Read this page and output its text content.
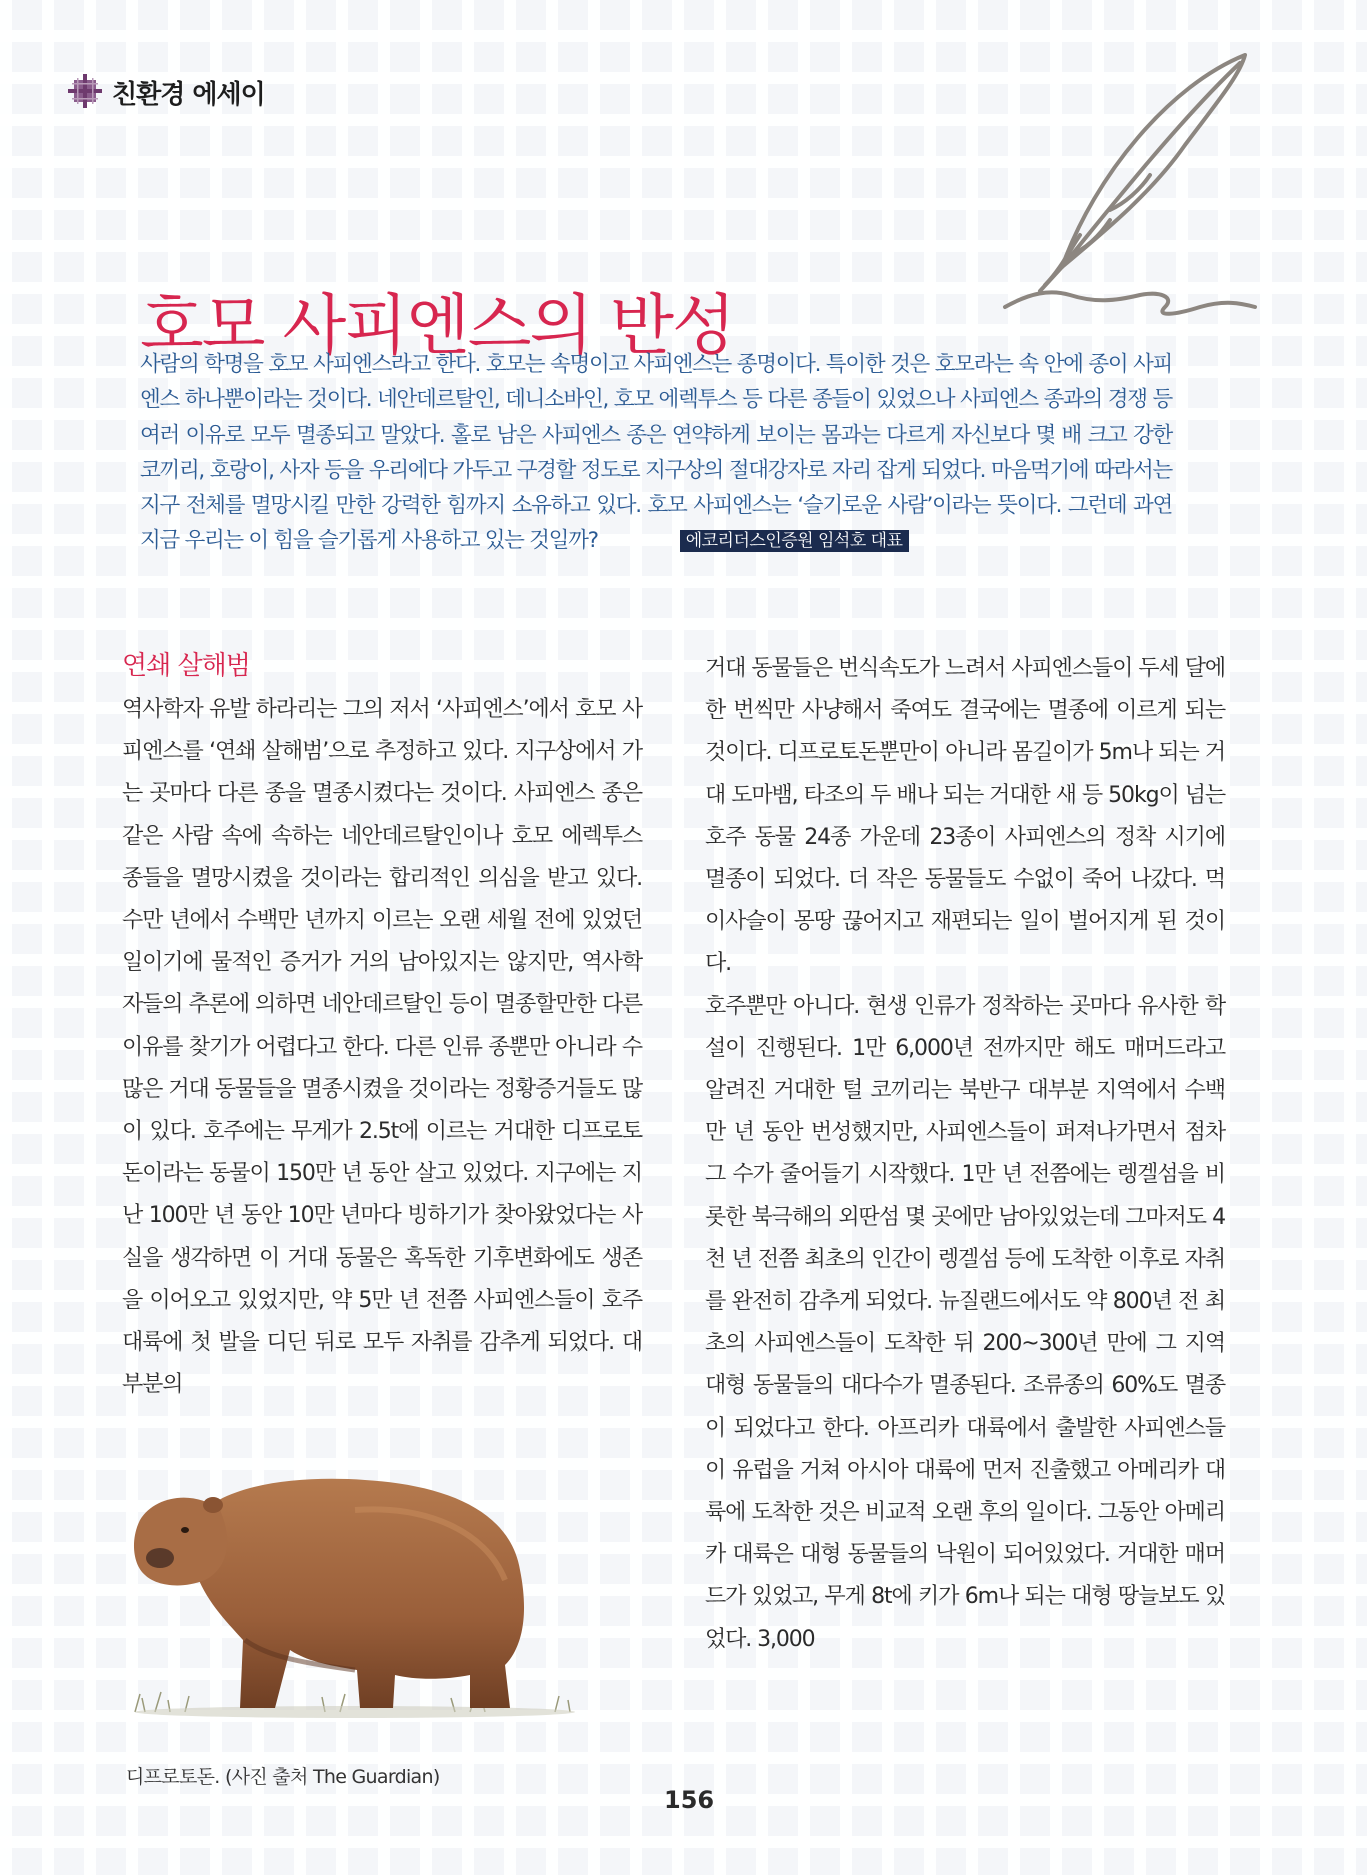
친환경 에세이
호모 사피엔스의 반성

사람의 학명을 호모 사피엔스라고 한다. 호모는 속명이고 사피엔스는 종명이다. 특이한 것은 호모라는 속 안에 종이 사피엔스 하나뿐이라는 것이다. 네안데르탈인, 데니소바인, 호모 에렉투스 등 다른 종들이 있었으나 사피엔스 종과의 경쟁 등 여러 이유로 모두 멸종되고 말았다. 홀로 남은 사피엔스 종은 연약하게 보이는 몸과는 다르게 자신보다 몇 배 크고 강한 코끼리, 호랑이, 사자 등을 우리에다 가두고 구경할 정도로 지구상의 절대강자로 자리 잡게 되었다. 마음먹기에 따라서는 지구 전체를 멸망시킬 만한 강력한 힘까지 소유하고 있다. 호모 사피엔스는 ‘슬기로운 사람’이라는 뜻이다. 그런데 과연 지금 우리는 이 힘을 슬기롭게 사용하고 있는 것일까?	에코리더스인증원 임석호 대표

연쇄 살해범

역사학자 유발 하라리는 그의 저서 ‘사피엔스’에서 호모 사피엔스를 ‘연쇄 살해범’으로 추정하고 있다. 지구상에서 가는 곳마다 다른 종을 멸종시켰다는 것이다. 사피엔스 종은 같은 사람 속에 속하는 네안데르탈인이나 호모 에렉투스 종들을 멸망시켰을 것이라는 합리적인 의심을 받고 있다. 수만 년에서 수백만 년까지 이르는 오랜 세월 전에 있었던 일이기에 물적인 증거가 거의 남아있지는 않지만, 역사학자들의 추론에 의하면 네안데르탈인 등이 멸종할만한 다른 이유를 찾기가 어렵다고 한다. 다른 인류 종뿐만 아니라 수많은 거대 동물들을 멸종시켰을 것이라는 정황증거들도 많이 있다. 호주에는 무게가 2.5t에 이르는 거대한 디프로토돈이라는 동물이 150만 년 동안 살고 있었다. 지구에는 지난 100만 년 동안 10만 년마다 빙하기가 찾아왔었다는 사실을 생각하면 이 거대 동물은 혹독한 기후변화에도 생존을 이어오고 있었지만, 약 5만 년 전쯤 사피엔스들이 호주 대륙에 첫 발을 디딘 뒤로 모두 자취를 감추게 되었다. 대부분의

거대 동물들은 번식속도가 느려서 사피엔스들이 두세 달에 한 번씩만 사냥해서 죽여도 결국에는 멸종에 이르게 되는 것이다. 디프로토돈뿐만이 아니라 몸길이가 5m나 되는 거대 도마뱀, 타조의 두 배나 되는 거대한 새 등 50kg이 넘는 호주 동물 24종 가운데 23종이 사피엔스의 정착 시기에 멸종이 되었다. 더 작은 동물들도 수없이 죽어 나갔다. 먹이사슬이 몽땅 끊어지고 재편되는 일이 벌어지게 된 것이다.

호주뿐만 아니다. 현생 인류가 정착하는 곳마다 유사한 학설이 진행된다. 1만 6,000년 전까지만 해도 매머드라고 알려진 거대한 털 코끼리는 북반구 대부분 지역에서 수백만 년 동안 번성했지만, 사피엔스들이 퍼져나가면서 점차 그 수가 줄어들기 시작했다. 1만 년 전쯤에는 렝겔섬을 비롯한 북극해의 외딴섬 몇 곳에만 남아있었는데 그마저도 4천 년 전쯤 최초의 인간이 렝겔섬 등에 도착한 이후로 자취를 완전히 감추게 되었다. 뉴질랜드에서도 약 800년 전 최초의 사피엔스들이 도착한 뒤 200~300년 만에 그 지역 대형 동물들의 대다수가 멸종된다. 조류종의 60%도 멸종이 되었다고 한다. 아프리카 대륙에서 출발한 사피엔스들이 유럽을 거쳐 아시아 대륙에 먼저 진출했고 아메리카 대륙에 도착한 것은 비교적 오랜 후의 일이다. 그동안 아메리카 대륙은 대형 동물들의 낙원이 되어있었다. 거대한 매머드가 있었고, 무게 8t에 키가 6m나 되는 대형 땅늘보도 있었다. 3,000

디프로토돈. (사진 출처 The Guardian)
156
